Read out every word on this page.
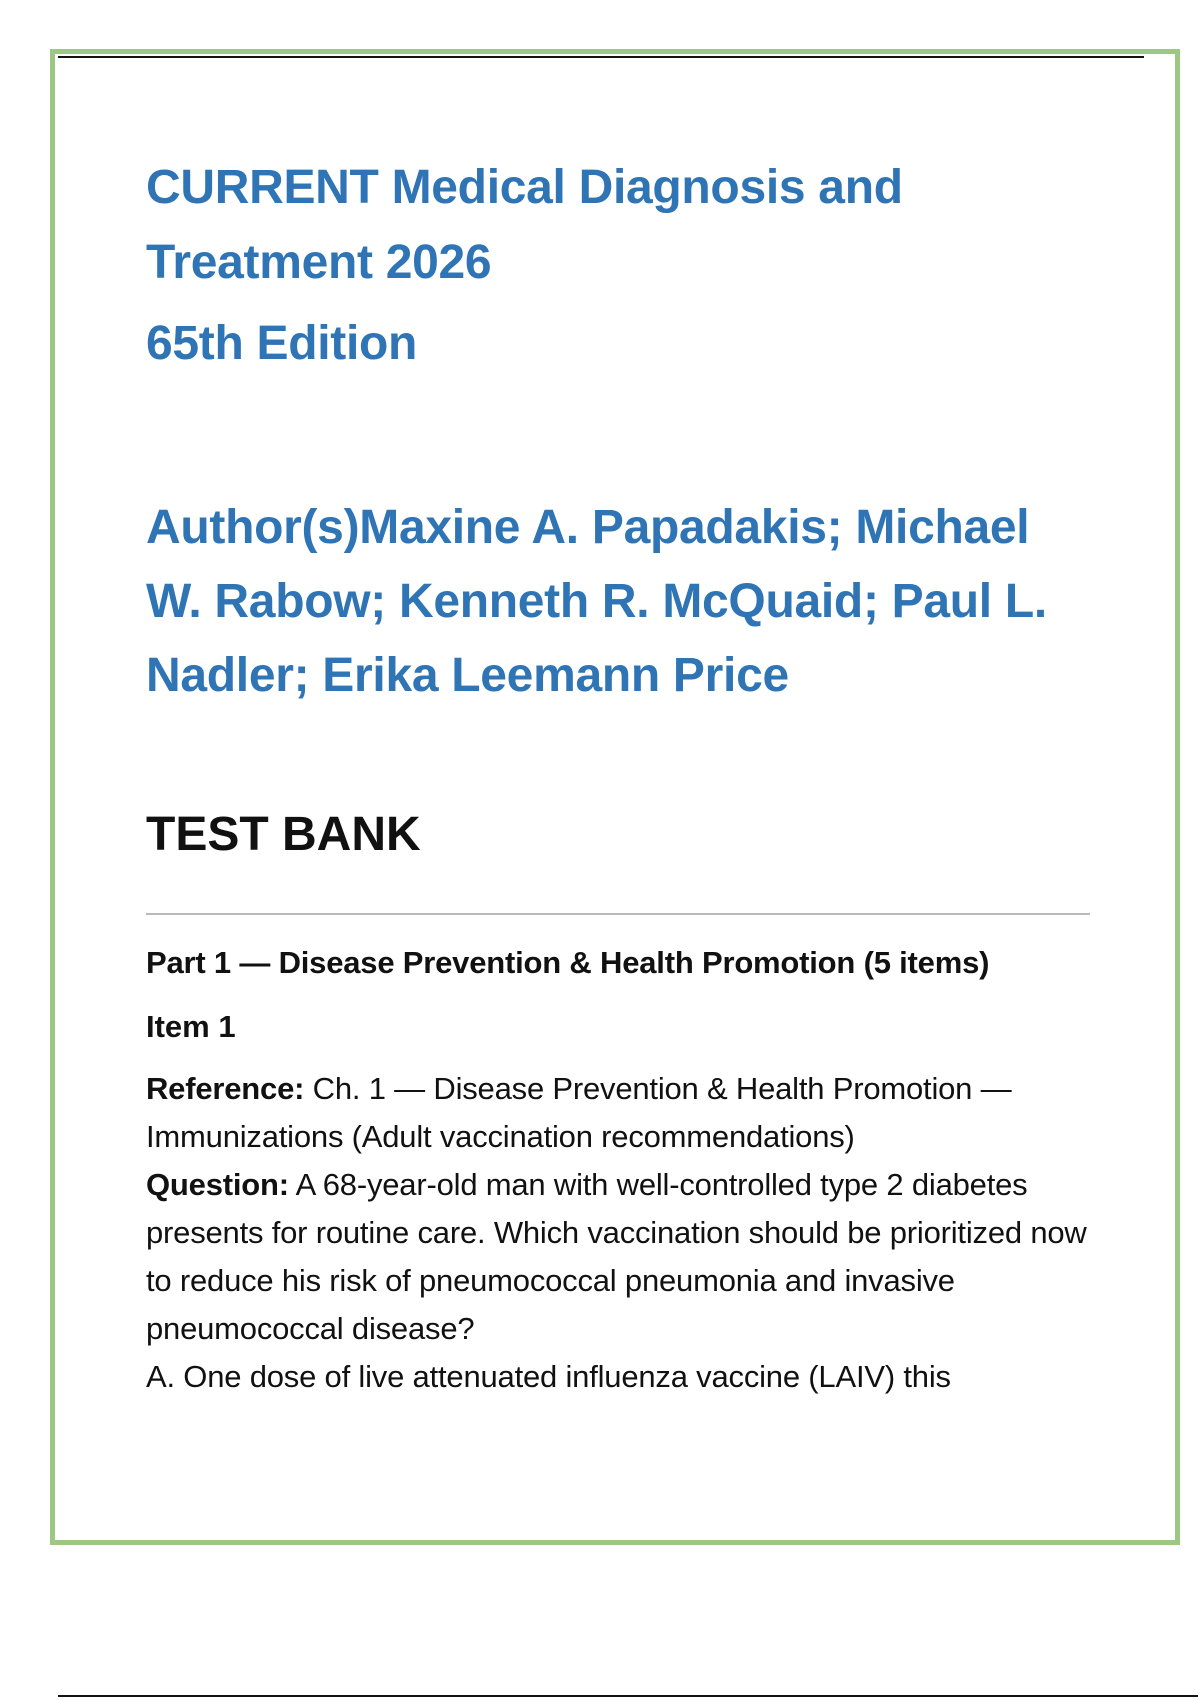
CURRENT Medical Diagnosis and

Treatment 2026

65th Edition

Author(s)Maxine A. Papadakis; Michael
W. Rabow; Kenneth R. McQuaid; Paul L.
Nadler; Erika Leemann Price

TEST BANK

Part 1 — Disease Prevention & Health Promotion (5 items)

Item 1

Reference: Ch. 1 — Disease Prevention & Health Promotion — Immunizations (Adult vaccination recommendations)

Question: A 68-year-old man with well-controlled type 2 diabetes presents for routine care. Which vaccination should be prioritized now to reduce his risk of pneumococcal pneumonia and invasive pneumococcal disease?

A. One dose of live attenuated influenza vaccine (LAIV) this
